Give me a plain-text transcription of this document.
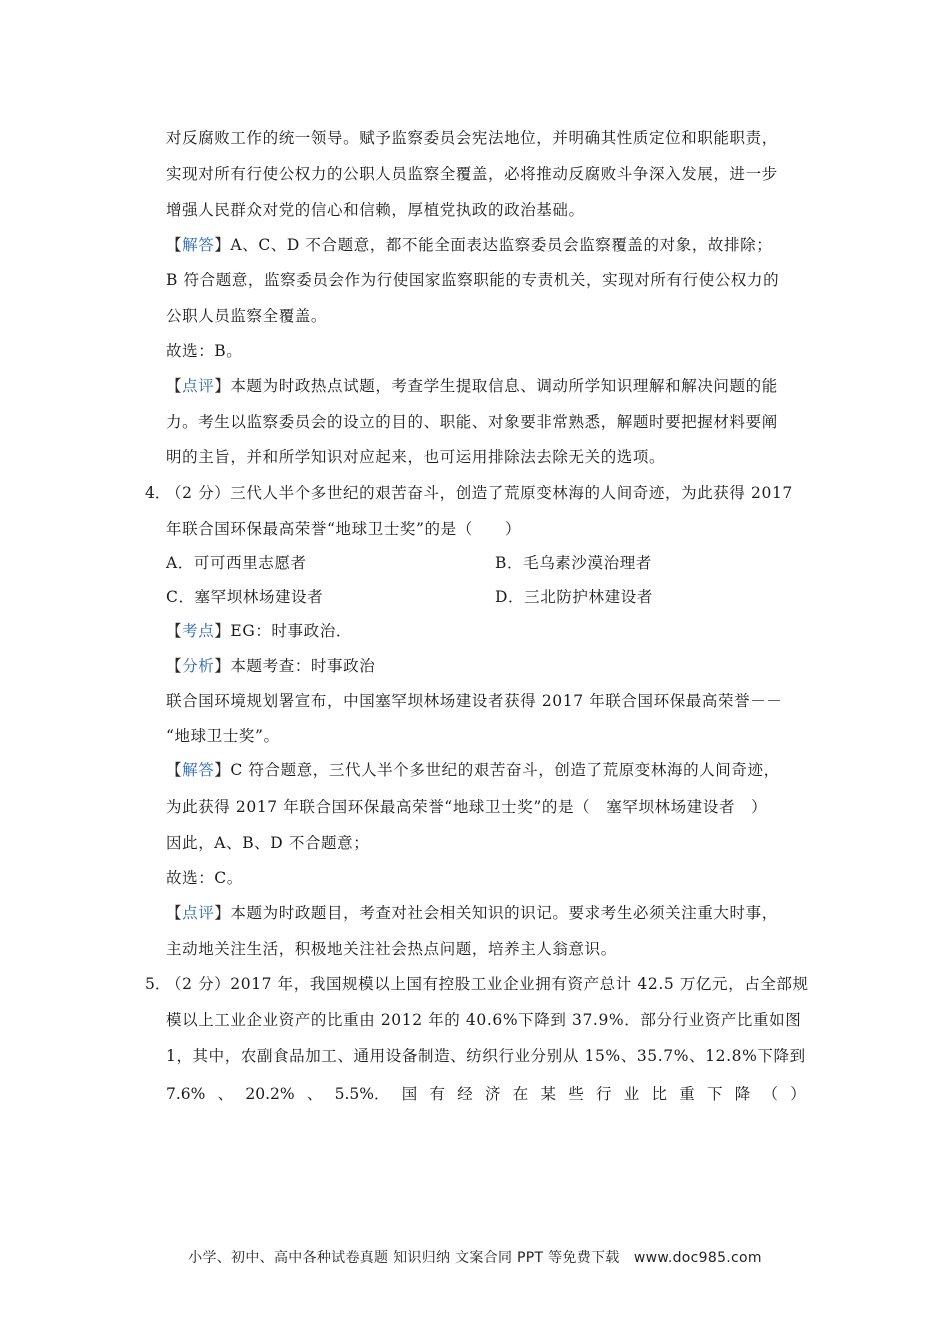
对反腐败工作的统一领导。赋予监察委员会宪法地位，并明确其性质定位和职能职责，
实现对所有行使公权力的公职人员监察全覆盖，必将推动反腐败斗争深入发展，进一步
增强人民群众对党的信心和信赖，厚植党执政的政治基础。
【解答】A、C、D 不合题意，都不能全面表达监察委员会监察覆盖的对象，故排除；
B 符合题意，监察委员会作为行使国家监察职能的专责机关，实现对所有行使公权力的
公职人员监察全覆盖。
故选：B。
【点评】本题为时政热点试题，考查学生提取信息、调动所学知识理解和解决问题的能
力。考生以监察委员会的设立的目的、职能、对象要非常熟悉，解题时要把握材料要阐
明的主旨，并和所学知识对应起来，也可运用排除法去除无关的选项。
4．
（2 分）三代人半个多世纪的艰苦奋斗，创造了荒原变林海的人间奇迹，为此获得 2017
年联合国环保最高荣誉“地球卫士奖”的是（　　）
A．可可西里志愿者	B．毛乌素沙漠治理者
C．塞罕坝林场建设者	D．三北防护林建设者
【考点】EG：时事政治．
【分析】本题考查：时事政治
联合国环境规划署宣布，中国塞罕坝林场建设者获得 2017 年联合国环保最高荣誉－－
“地球卫士奖”。
【解答】C 符合题意，三代人半个多世纪的艰苦奋斗，创造了荒原变林海的人间奇迹，
为此获得 2017 年联合国环保最高荣誉“地球卫士奖”的是（　塞罕坝林场建设者　）
因此，A、B、D 不合题意；
故选：C。
【点评】本题为时政题目，考查对社会相关知识的识记。要求考生必须关注重大时事，
主动地关注生活，积极地关注社会热点问题，培养主人翁意识。
5．
（2 分）2017 年，我国规模以上国有控股工业企业拥有资产总计 42.5 万亿元，占全部规
模以上工业企业资产的比重由 2012 年的 40.6%下降到 37.9%．部分行业资产比重如图
1，其中，农副食品加工、通用设备制造、纺织行业分别从 15%、35.7%、12.8%下降到
7.6% 、 20.2% 、 5.5%． 国 有 经 济 在 某 些 行 业 比 重 下 降 （ ）
小学、初中、高中各种试卷真题 知识归纳 文案合同 PPT 等免费下载　www.doc985.com
